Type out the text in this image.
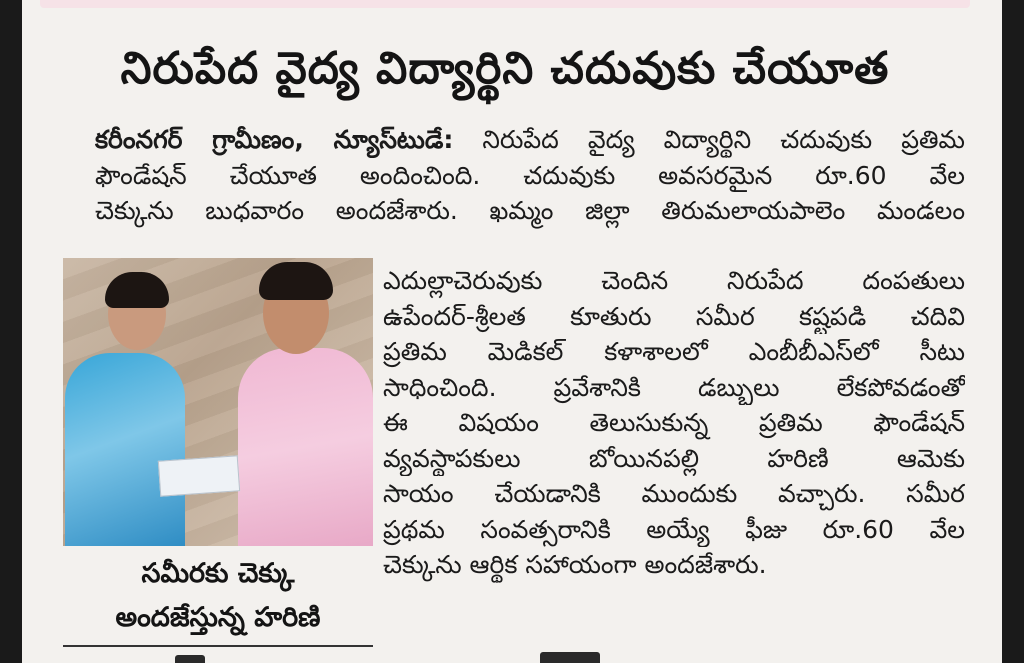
నిరుపేద వైద్య విద్యార్థిని చదువుకు చేయూత
కరీంనగర్ గ్రామీణం, న్యూస్‌టుడే: నిరుపేద వైద్య విద్యార్థిని చదువుకు ప్రతిమ
ఫౌండేషన్ చేయూత అందించింది. చదువుకు అవసరమైన రూ.60 వేల
చెక్కును బుధవారం అందజేశారు. ఖమ్మం జిల్లా తిరుమలాయపాలెం మండలం
ఎదుల్లాచెరువుకు చెందిన నిరుపేద దంపతులు
ఉపేందర్-శ్రీలత కూతురు సమీర కష్టపడి చదివి
ప్రతిమ మెడికల్ కళాశాలలో ఎంబీబీఎస్‌లో సీటు
సాధించింది. ప్రవేశానికి డబ్బులు లేకపోవడంతో
ఈ విషయం తెలుసుకున్న ప్రతిమ ఫౌండేషన్
వ్యవస్థాపకులు బోయినపల్లి హరిణి ఆమెకు
సాయం చేయడానికి ముందుకు వచ్చారు. సమీర
ప్రథమ సంవత్సరానికి అయ్యే ఫీజు రూ.60 వేల
చెక్కును ఆర్థిక సహాయంగా అందజేశారు.
సమీరకు చెక్కు
అందజేస్తున్న హరిణి
